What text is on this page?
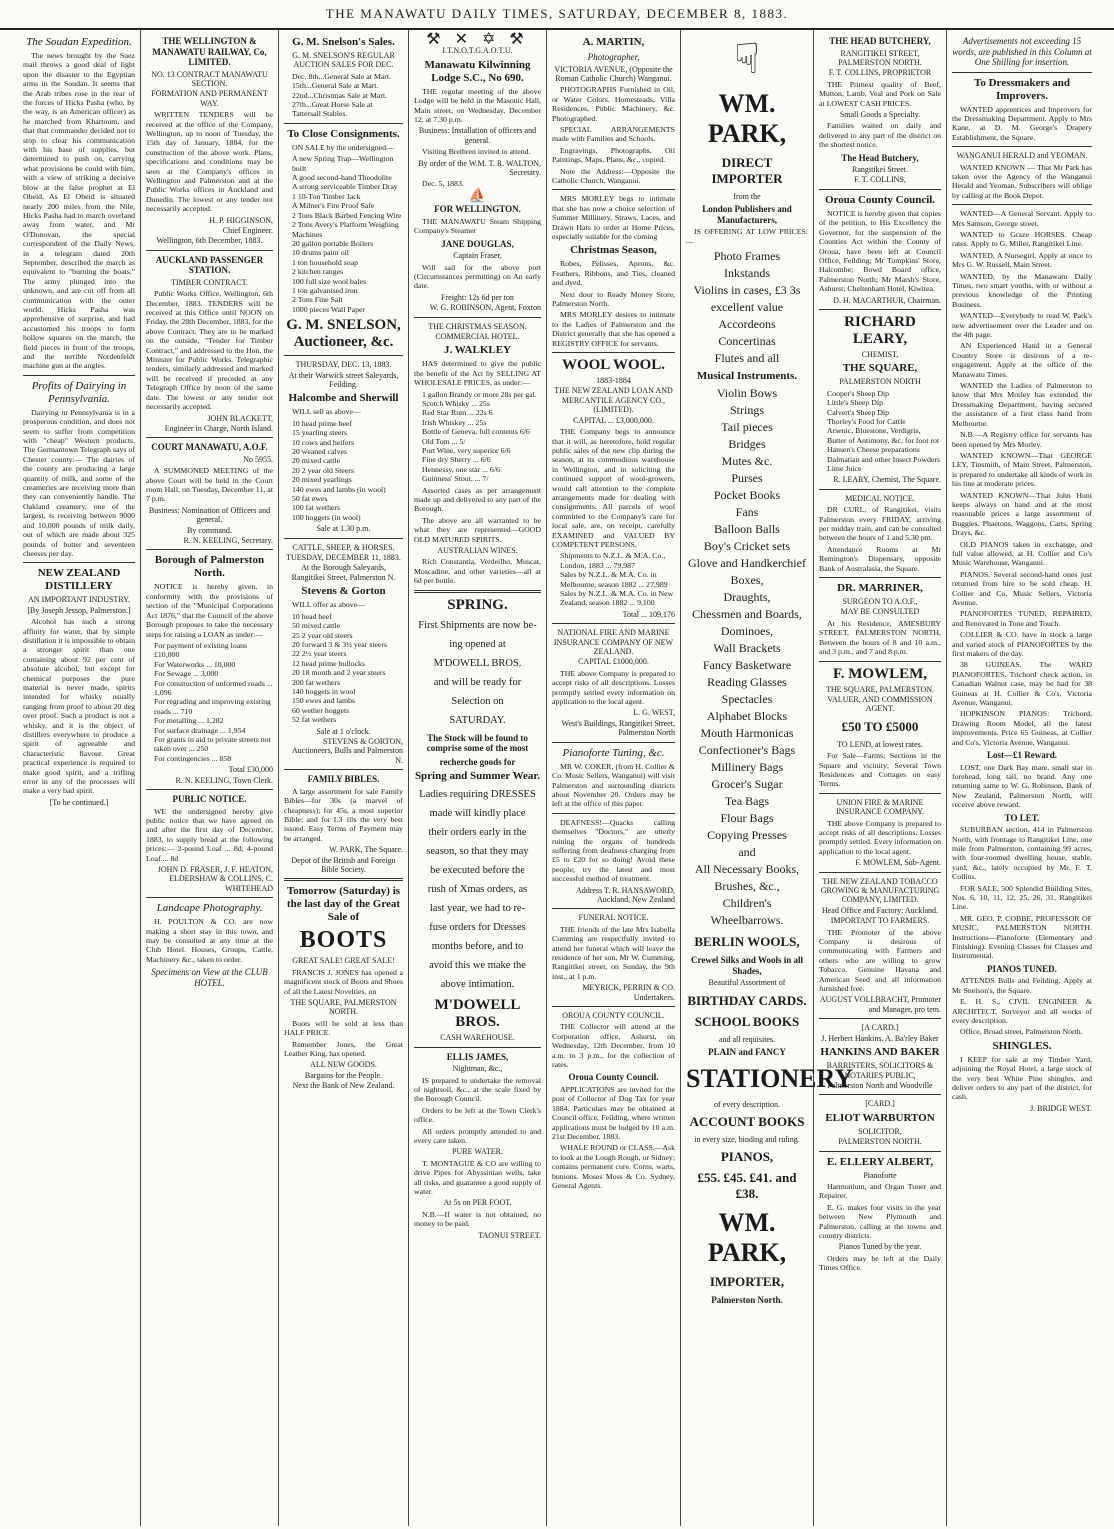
THE MANAWATU DAILY TIMES, SATURDAY, DECEMBER 8, 1883.
The Soudan Expedition.
The news brought by the Suez mail throws a good deal of light upon the disaster to the Egyptian arms in the Soudan. It seems that the Arab tribes rose in the rear of the forces of Hicks Pasha (who, by the way, is an American officer) as he marched from Khartoum, and that that commander decided not to stop to clear his communication with his base of supplies, but determined to push on, carrying what provisions he could with him, with a view of striking a decisive blow at the false prophet at El Obeid. As El Obeid is situated nearly 200 miles from the Nile, Hicks Pasha had to march overland away from water, and Mr O'Donovan, the special correspondent of the Daily News, in a telegram dated 20th September, described the march as equivalent to "burning the boats." The army plunged into the unknown, and are cut off from all communication with the outer world. Hicks Pasha was apprehensive of surprise, and had accustomed his troops to form hollow squares on the march, the field pieces in front of the troops, and the terrible Nordenfeldt machine gun at the angles.
Profits of Dairying in Pennsylvania.
Dairying in Pennsylvania is in a prosperous condition, and does not seem to suffer from competition with "cheap" Western products. The Germantown Telegraph says of Chester county:— The dairies of the county are producing a large quantity of milk, and some of the creameries are receiving more than they can conveniently handle. The Oakland creamery, one of the largest, is receiving between 9000 and 10,000 pounds of milk daily, out of which are made about 325 pounds of butter and seventeen cheeses per day.
NEW ZEALAND DISTILLERY
AN IMPORTANT INDUSTRY.
[By Joseph Jessop, Palmerston.]
Alcohol has such a strong affinity for water, that by simple distillation it is impossible to obtain a stronger spirit than one containing about 92 per cent of absolute alcohol, but except for chemical purposes the pure material is never made, spirits intended for whisky usually ranging from proof to about 20 deg over proof. Such a product is not a whisky, and it is the object of distillers everywhere to produce a spirit of agreeable and characteristic flavour. Great practical experience is required to make good spirit, and a trifling error in any of the processes will make a very bad spirit.
[To be continued.]
THE WELLINGTON & MANAWATU RAILWAY, Co, LIMITED.
NO. 13 CONTRACT MANAWATU SECTION.
FORMATION AND PERMANENT WAY.
WRITTEN TENDERS will be received at the office of the Company, Wellington, up to noon of Tuesday, the 15th day of January, 1884, for the construction of the above work. Plans, specifications and conditions may be seen at the Company's offices in Wellington and Palmerston and at the Public Works offices in Auckland and Dunedin. The lowest or any tender not necessarily accepted.
H. P. HIGGINSON,
Chief Engineer.
Wellington, 6th December, 1883.
AUCKLAND PASSENGER STATION.
TIMBER CONTRACT.
Public Works Office, Wellington, 6th December, 1883. TENDERS will be received at this Office until NOON on Friday, the 28th December, 1883, for the above Contract. They are to be marked on the outside, "Tender for Timber Contract," and addressed to the Hon. the Minister for Public Works. Telegraphic tenders, similarly addressed and marked will be received if preceded at any Telegraph Office by noon of the same date. The lowest or any tender not necessarily accepted.
JOHN BLACKETT,
Engineer in Charge, North Island.
COURT MANAWATU, A.O.F.
No 5955.
A SUMMONED MEETING of the above Court will be held in the Court room Hall, on Tuesday, December 11, at 7 p.m.
Business: Nomination of Officers and general.
By command.
R. N. KEELING, Secretary.
Borough of Palmerston North.
NOTICE is hereby given, in conformity with the provisions of section of the "Municipal Corporations Act 1876," that the Council of the above Borough proposes to take the necessary steps for raising a LOAN as under:—
For payment of existing loans £10,000
For Waterworks ... 10,000
For Sewage ... 3,000
For construction of unformed roads ... 1,096
For regrading and improving existing roads ... 710
For metalling ... 1,282
For surface drainage ... 1,954
For grants in aid to private streets not taken over ... 250
For contingencies ... 858
Total £30,000
R. N. KEELING, Town Clerk.
PUBLIC NOTICE.
WE the undersigned hereby give public notice that we have agreed on and after the first day of December, 1883, to supply bread at the following prices:— 2-pound Loaf ... 8d; 4-pound Loaf ... 8d
JOHN D. FRASER, J. F. HEATON, ELDERSHAW & COLLINS, C. WHITEHEAD
Landcape Photography.
H. POULTON & CO. are now making a short stay in this town, and may be consulted at any time at the Club Hotel. Houses, Groups, Cattle, Machinery &c., taken to order.
Specimens on View at the CLUB HOTEL.
G. M. Snelson's Sales.
G. M. SNELSON'S REGULAR AUCTION SALES FOR DEC.
Dec. 8th...General Sale at Mart.
15th...General Sale at Mart.
22nd...Christmas Sale at Mart.
27th...Great Horse Sale at Tattersall Stables.
To Close Consignments.
ON SALE by the undersigned—
A new Spring Trap—Wellington built
A good second-hand Theodolite
A strong serviceable Timber Dray
1 10-Ton Timber Jack
A Milner's Fire Proof Safe
2 Tons Black Barbed Fencing Wire
2 Tons Avery's Platform Weighing Machines
20 gallon portable Boilers
10 drums paint oil
1 ton household soap
2 kitchen ranges
100 full size wool bales
1 ton galvanised iron
2 Tons Fine Salt
1000 pieces Wall Paper
G. M. SNELSON, Auctioneer, &c.
THURSDAY, DEC. 13, 1883.
At their Warwick street Saleyards, Feilding.
Halcombe and Sherwill
WILL sell as above—
10 head prime beef
15 yearling steers
10 cows and heifers
20 weaned calves
20 mixed cattle
20 2 year old Steers
20 mixed yearlings
140 ewes and lambs (in wool)
50 fat ewes
100 fat wethers
100 hoggets (in wool)
Sale at 1.30 p.m.
CATTLE, SHEEP, & HORSES.
TUESDAY, DECEMBER 11, 1883.
At the Borough Saleyards, Rangitikei Street, Palmerston N.
Stevens & Gorton
WILL offer as above—
10 head beef
50 mixed cattle
25 2 year old steers
20 forward 3 & 3½ year steers
22 2½ year steers
12 head prime bullocks
20 18 month and 2 year steers
200 fat wethers
140 hoggets in wool
150 ewes and lambs
60 wether hoggets
52 fat wethers
Sale at 1 o'clock.
STEVENS & GORTON, Auctioneers, Bulls and Palmerston N.
FAMILY BIBLES.
A large assortment for sale Family Bibles—for 30s (a marvel of cheapness); for 45s, a most superior Bible; and for L3 10s the very best issued. Easy Terms of Payment may be arranged.
W. PARK, The Square.
Depot of the British and Foreign Bible Society.
Tomorrow (Saturday) is the last day of the Great Sale of
BOOTS
GREAT SALE! GREAT SALE!
FRANCIS J. JONES has opened a magnificent stock of Boots and Shoes of all the Latest Novelties, on
THE SQUARE, PALMERSTON NORTH.
Boots will be sold at less than HALF PRICE.
Remember Jones, the Great Leather King, has opened.
ALL NEW GOODS.
Bargains for the People.
Next the Bank of New Zealand.
⚒ ✕ ✡ ⚒
I.T.N.O.T.G.A.O.T.U.
Manawatu Kilwinning Lodge S.C., No 690.
THE regular meeting of the above Lodge will be held in the Masonic Hall, Main street, on Wednesday, December 12, at 7.30 p.m.
Business: Installation of officers and general.
Visiting Brethren invited to attend.
By order of the W.M. T. R. WALTON, Secretary.
Dec. 5, 1883.
⛵
FOR WELLINGTON.
THE MANAWATU Steam Shipping Company's Steamer
JANE DOUGLAS,
Captain Fraser,
Will sail for the above port (Circumstances permitting) on An early date.
Freight: 12s 6d per ton
W. G. ROBINSON, Agent, Foxton
THE CHRISTMAS SEASON.
COMMERCIAL HOTEL.
J. WALKLEY
HAS determined to give the public the benefit of the Act by SELLING AT WHOLESALE PRICES, as under:—
1 gallon Brandy or more 28s per gal.
Scotch Whisky ... 25s
Red Star Rum ... 22s 6
Irish Whiskey ... 25s
Bottle of Geneva, full contents 6/6
Old Tom ... 5/
Port Wine, very superior 6/6
Fine dry Sherry ... 6/6
Hennessy, one star ... 6/6
Guinness' Stout, ... 7/
Assorted cases as per arrangement made up and delivered to any part of the Borough.
The above are all warranted to be what they are represented—GOOD OLD MATURED SPIRITS.
AUSTRALIAN WINES.
Rich Constantia, Verdeilho, Muscat, Moscadine, and other varieties—all at 6d per bottle.
SPRING.
First Shipments are now be-
ing opened at
M'DOWELL BROS.
and will be ready for
Selection on
SATURDAY.
The Stock will be found to comprise some of the most
recherche goods for
Spring and Summer Wear.
Ladies requiring DRESSES
made will kindly place
their orders early in the
season, so that they may
be executed before the
rush of Xmas orders, as
last year, we had to re-
fuse orders for Dresses
months before, and to
avoid this we make the
above intimation.
M'DOWELL BROS.
CASH WAREHOUSE.
ELLIS JAMES,
Nightman, &c.,
IS prepared to undertake the removal of nightsoil, &c., at the scale fixed by the Borough Council.
Orders to be left at the Town Clerk's office.
All orders promptly attended to and every care taken.
PURE WATER.
T. MONTAGUE & CO are willing to drive Pipes for Abyssinian wells, take all risks, and guarantee a good supply of water.
At 5s on PER FOOT.
N.B.—If water is not obtained, no money to be paid.
TAONUI STREET.
A. MARTIN,
Photographer,
VICTORIA AVENUE, (Opposite the Roman Catholic Church) Wanganui.
PHOTOGRAPHS Furnished in Oil, or Water Colors. Homesteads, Villa Residences, Public Machinery, &c. Photographed.
SPECIAL ARRANGEMENTS made with Families and Schools.
Engravings, Photographs, Oil Paintings, Maps, Plans, &c., copied.
Note the Address:—Opposite the Catholic Church, Wanganui.
MRS MORLEY begs to intimate that she has now a choice selection of Summer Millinery, Straws, Laces, and Drawn Hats to order at Home Prices, especially suitable for the coming
Christmas Season,
Robes, Pelisses, Aprons, &c. Feathers, Ribbons, and Ties, cleaned and dyed.
Next door to Ready Money Store, Palmerston North.
MRS MORLEY desires to intimate to the Ladies of Palmerston and the District generally that she has opened a REGISTRY OFFICE for servants.
WOOL WOOL.
1883-1884
THE NEW ZEALAND LOAN AND MERCANTILE AGENCY CO., (LIMITED).
CAPITAL ... £3,000,000.
THE Company begs to announce that it will, as heretofore, hold regular public sales of the new clip during the season, at its commodious warehouse in Wellington, and in soliciting the continued support of wool-growers, would call attention to the complete arrangements made for dealing with consignments. All parcels of wool committed to the Company's care for local sale, are, on receipt, carefully EXAMINED and VALUED BY COMPETENT PERSONS.
Shipments to N.Z.L. & M.A. Co., London, 1883 ... 79,987
Sales by N.Z.L. & M.A. Co. in Melbourne, season 1882 ... 27,989
Sales by N.Z.L. & M.A. Co. in New Zealand, season 1882 ... 9,100
Total ... 109,176
NATIONAL FIRE AND MARINE INSURANCE COMPANY OF NEW ZEALAND.
CAPITAL £1000,000.
THE above Company is prepared to accept risks of all descriptions. Losses promptly settled every information on application to the local agent.
L. G. WEST,
West's Buildings, Rangitikei Street, Palmerston North
Pianoforte Tuning, &c.
MR W. COKER, (from H. Collier & Co. Music Sellers, Wanganui) will visit Palmerston and surrounding districts about November 20. Orders may be left at the office of this paper.
DEAFNESS!—Quacks calling themselves "Doctors," are utterly ruining the organs of hundreds suffering from deafness charging from £5 to £20 for so doing! Avoid these people; try the latest and most successful method of treatment.
Address T. R. HANSAWORD, Auckland, New Zealand
FUNERAL NOTICE.
THE friends of the late Mrs Isabella Cumming are respectfully invited to attend her funeral which will leave the residence of her son, Mr W. Cumming, Rangitikei street, on Sunday, the 9th inst., at 1 p.m.
MEYRICK, PERRIN & CO. Undertakers.
OROUA COUNTY COUNCIL.
THE Collector will attend at the Corporation office, Ashurst, on Wednesday, 12th December, from 10 a.m. to 3 p.m., for the collection of rates.
Oroua County Council.
APPLICATIONS are invited for the post of Collector of Dog Tax for year 1884. Particulars may be obtained at Council office, Feilding, where written applications must be lodged by 10 a.m. 21st December, 1883.
WHALE ROUND or CLASS.—Ask to look at the Lough Rough, or Sidney; contains permanent cure. Corns, warts, bunions. Moses Moss & Co. Sydney, General Agents.
☟
WM. PARK,
DIRECT IMPORTER
from the
London Publishers and Manufacturers,
IS OFFERING AT LOW PRICES:—
Photo Frames
Inkstands
Violins in cases, £3 3s
excellent value
Accordeons
Concertinas
Flutes and all
Musical Instruments.
Violin Bows
Strings
Tail pieces
Bridges
Mutes &c.
Purses
Pocket Books
Fans
Balloon Balls
Boy's Cricket sets
Glove and Handkerchief
Boxes,
Draughts,
Chessmen and Boards,
Dominoes,
Wall Brackets
Fancy Basketware
Reading Glasses
Spectacles
Alphabet Blocks
Mouth Harmonicas
Confectioner's Bags
Millinery Bags
Grocer's Sugar
Tea Bags
Flour Bags
Copying Presses
and
All Necessary Books,
Brushes, &c.,
Children's Wheelbarrows.
BERLIN WOOLS,
Crewel Silks and Wools in all Shades,
Beautiful Assortment of
BIRTHDAY CARDS.
SCHOOL BOOKS
and all requisites.
PLAIN and FANCY
STATIONERY
of every description.
ACCOUNT BOOKS
in every size, binding and ruling.
PIANOS,
£55. £45. £41. and £38.
WM. PARK,
IMPORTER,
Palmerston North.
THE HEAD BUTCHERY,
RANGITIKEI STREET, PALMERSTON NORTH.
F. T. COLLINS, PROPRIETOR
THE Primest quality of Beef, Mutton, Lamb, Veal and Pork on Sale at LOWEST CASH PRICES.
Small Goods a Specialty.
Families waited on daily and delivered to any part of the district on the shortest notice.
The Head Butchery,
Rangitikei Street.
F. T. COLLINS,
Oroua County Council.
NOTICE is hereby given that copies of the petition, to His Excellency the Governor, for the suspension of the Counties Act within the County of Oroua, have been left at Council Office, Feilding; Mr Tompkins' Store, Halcombe; Bowd Board office, Palmerston North; Mr Marsh's Store, Ashurst; Cheltenham Hotel, Kiwitea.
D. H. MACARTHUR, Chairman.
RICHARD LEARY,
CHEMIST,
THE SQUARE,
PALMERSTON NORTH
Cooper's Sheep Dip
Little's Sheep Dip
Calvert's Sheep Dip
Thorley's Food for Cattle
Arsenic, Bluestone, Verdigris, Butter of Antimony, &c, for foot rot
Hansen's Cheese preparations
Dalmatian and other Insect Powders
Lime Juice
R. LEARY, Chemist, The Square.
MEDICAL NOTICE.
DR CURL, of Rangitikei, visits Palmerston every FRIDAY, arriving per midday train, and can be consulted between the hours of 1 and 5.30 pm.
Attendance Rooms at Mr Remington's Dispensary, opposite Bank of Australasia, the Square.
DR. MARRINER,
SURGEON TO A.O.F.,
MAY BE CONSULTED
At his Residence, AMESBURY STREET, PALMERSTON NORTH, Between the hours of 8 and 10 a.m., and 3 p.m., and 7 and 8 p.m.
F. MOWLEM,
THE SQUARE, PALMERSTON.
VALUER, AND COMMISSION AGENT.
£50 TO £5000
TO LEND, at lowest rates.
For Sale—Farms; Sections in the Square and vicinity; Several Town Residences and Cottages on easy Terms.
UNION FIRE & MARINE INSURANCE COMPANY.
THE above Company is prepared to accept risks of all descriptions. Losses promptly settled. Every information on application to the local agent.
F. MOWLEM, Sub-Agent.
THE NEW ZEALAND TOBACCO GROWING & MANUFACTURING COMPANY, LIMITED.
Head Office and Factory: Auckland.
IMPORTANT TO FARMERS.
THE Promoter of the above Company is desirous of communicating with Farmers and others who are willing to grow Tobacco. Genuine Havana and American Seed and all information furnished free.
AUGUST VOLLBRACHT, Promoter and Manager, pro tem.
[A CARD.]
J. Herbert Hankins. A. Ba'rley Baker
HANKINS AND BAKER
BARRISTERS, SOLICITORS & NOTARIES PUBLIC,
Palmerston North and Woodville
[CARD.]
ELIOT WARBURTON
SOLICITOR,
PALMERSTON NORTH.
E. ELLERY ALBERT,
Pianoforte
Harmonium, and Organ Tuner and Repairer.
E. G. makes four visits in the year between New Plymouth and Palmerston, calling at the towns and country districts.
Pianos Tuned by the year.
Orders may be left at the Daily Times Office.
Advertisements not exceeding 15 words, are published in this Column at One Shilling for insertion.
To Dressmakers and Improvers.
WANTED apprentices and Improvers for the Dressmaking Department. Apply to Mrs Kane, at D. M. George's Drapery Establishment, the Square.
WANGANUI HERALD and YEOMAN.
WANTED KNOWN — That Mr Park has taken over the Agency of the Wanganui Herald and Yeoman. Subscribers will oblige by calling at the Book Depot.
WANTED—A General Servant. Apply to Mrs Samson, George street.
WANTED to Graze HORSES. Cheap rates. Apply to G. Miller, Rangitikei Line.
WANTED, A Nursegirl. Apply at once to Mrs G. W. Russell, Main Street.
WANTED, by the Manawatu Daily Times, two smart youths, with or without a previous knowledge of the Printing Business.
WANTED—Everybody to read W. Park's new advertisement over the Leader and on the 4th page.
AN Experienced Hand in a General Country Store is desirous of a re-engagement. Apply at the office of the Manawatu Times.
WANTED the Ladies of Palmerston to know that Mrs Morley has extended the Dressmaking Department, having secured the assistance of a first class hand from Melbourne.
N.B.—A Registry office for servants has been opened by Mrs Morley.
WANTED KNOWN—That GEORGE LEY, Tinsmith, of Main Street, Palmerston, is prepared to undertake all kinds of work in his line at moderate prices.
WANTED KNOWN—That John Hunt keeps always on hand and at the most reasonable prices a large assortment of Buggies, Phaetons, Waggons, Carts, Spring Drays, &c.
OLD PIANOS taken in exchange, and full value allowed, at H. Collier and Co's Music Warehouse, Wanganui.
PIANOS. Several second-hand ones just returned from hire to be sold cheap. H. Collier and Co, Music Sellers, Victoria Avenue.
PIANOFORTES TUNED, REPAIRED, and Renovated in Tone and Touch.
COLLIER & CO. have in stock a large and varied stock of PIANOFORTES by the first makers of the day.
38 GUINEAS. The WARD PIANOFORTES, Trichord check action, in Canadian Walnut case, may be had for 38 Guineas at H. Collier & Co's, Victoria Avenue, Wanganui.
HOPKINSON PIANOS: Trichord, Drawing Room Model, all the latest improvements. Price 65 Guineas, at Collier and Co's, Victoria Avenue, Wanganui.
Lost—£1 Reward.
LOST, one Dark Bay mare, small star in forehead, long tail, no brand. Any one returning same to W. G. Robinson, Bank of New Zealand, Palmerston North, will receive above reward.
TO LET.
SUBURBAN section, 414 in Palmerston North, with frontage to Rangitikei Line, one mile from Palmerston, containing 99 acres, with four-roomed dwelling house, stable, yard, &c., lately occupied by Mr. F. T. Collins.
FOR SALE, 500 Splendid Building Sites, Nos. 6, 10, 11, 12, 25, 26, 31, Rangitikei Line.
MR. GEO. P. COBBE, PROFESSOR OF MUSIC, PALMERSTON NORTH. Instructions—Pianoforte (Elementary and Finishing). Evening Classes for Classes and Instrumental.
PIANOS TUNED.
ATTENDS Bulls and Feilding. Apply at Mr Snelson's, the Square.
E. H. S., CIVIL ENGINEER & ARCHITECT, Surveyor and all works of every description.
Office, Broad street, Palmerston North.
SHINGLES.
I KEEP for sale at my Timber Yard, adjoining the Royal Hotel, a large stock of the very best White Pine shingles, and deliver orders to any part of the district, for cash.
J. BRIDGE WEST.
